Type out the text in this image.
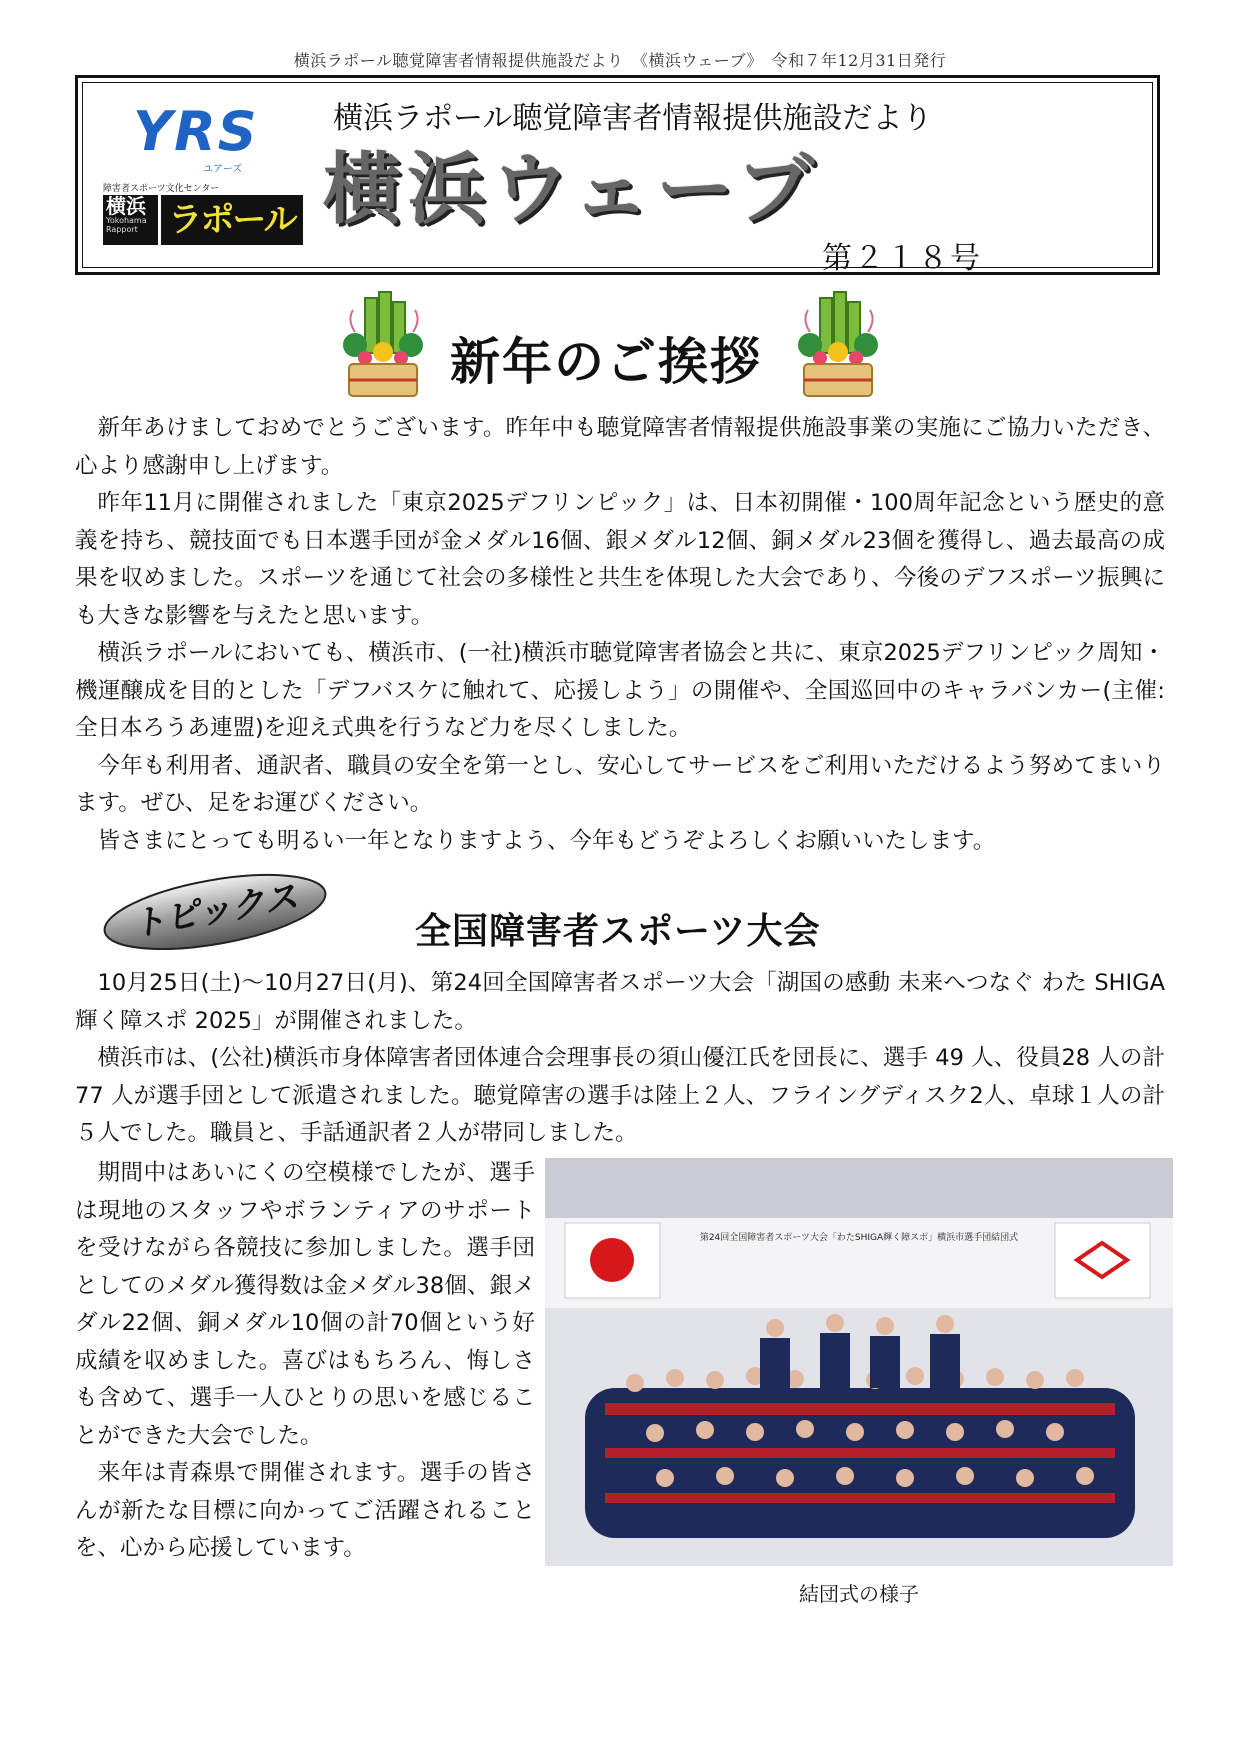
横浜ラポール聴覚障害者情報提供施設だより　《横浜ウェーブ》　令和７年12月31日発行
YRS
ユアーズ
障害者スポーツ文化センター
横浜
Yokohama Rapport ラポール
横浜ラポール聴覚障害者情報提供施設だより
横浜ウェーブ
第２１８号
新年のご挨拶

新年あけましておめでとうございます。昨年中も聴覚障害者情報提供施設事業の実施にご協力いただき、心より感謝申し上げます。

昨年11月に開催されました「東京2025デフリンピック」は、日本初開催・100周年記念という歴史的意義を持ち、競技面でも日本選手団が金メダル16個、銀メダル12個、銅メダル23個を獲得し、過去最高の成果を収めました。スポーツを通じて社会の多様性と共生を体現した大会であり、今後のデフスポーツ振興にも大きな影響を与えたと思います。

横浜ラポールにおいても、横浜市、(一社)横浜市聴覚障害者協会と共に、東京2025デフリンピック周知・機運醸成を目的とした「デフバスケに触れて、応援しよう」の開催や、全国巡回中のキャラバンカー(主催:全日本ろうあ連盟)を迎え式典を行うなど力を尽くしました。

今年も利用者、通訳者、職員の安全を第一とし、安心してサービスをご利用いただけるよう努めてまいります。ぜひ、足をお運びください。

皆さまにとっても明るい一年となりますよう、今年もどうぞよろしくお願いいたします。

トピックス	全国障害者スポーツ大会

10月25日(土)～10月27日(月)、第24回全国障害者スポーツ大会「湖国の感動 未来へつなぐ わた SHIGA 輝く障スポ 2025」が開催されました。

横浜市は、(公社)横浜市身体障害者団体連合会理事長の須山優江氏を団長に、選手 49 人、役員28 人の計 77 人が選手団として派遣されました。聴覚障害の選手は陸上２人、フライングディスク2人、卓球１人の計５人でした。職員と、手話通訳者２人が帯同しました。

期間中はあいにくの空模様でしたが、選手は現地のスタッフやボランティアのサポートを受けながら各競技に参加しました。選手団としてのメダル獲得数は金メダル38個、銀メダル22個、銅メダル10個の計70個という好成績を収めました。喜びはもちろん、悔しさも含めて、選手一人ひとりの思いを感じることができた大会でした。

来年は青森県で開催されます。選手の皆さんが新たな目標に向かってご活躍されることを、心から応援しています。

第24回全国障害者スポーツ大会「わたSHIGA輝く障スポ」横浜市選手団結団式
結団式の様子
